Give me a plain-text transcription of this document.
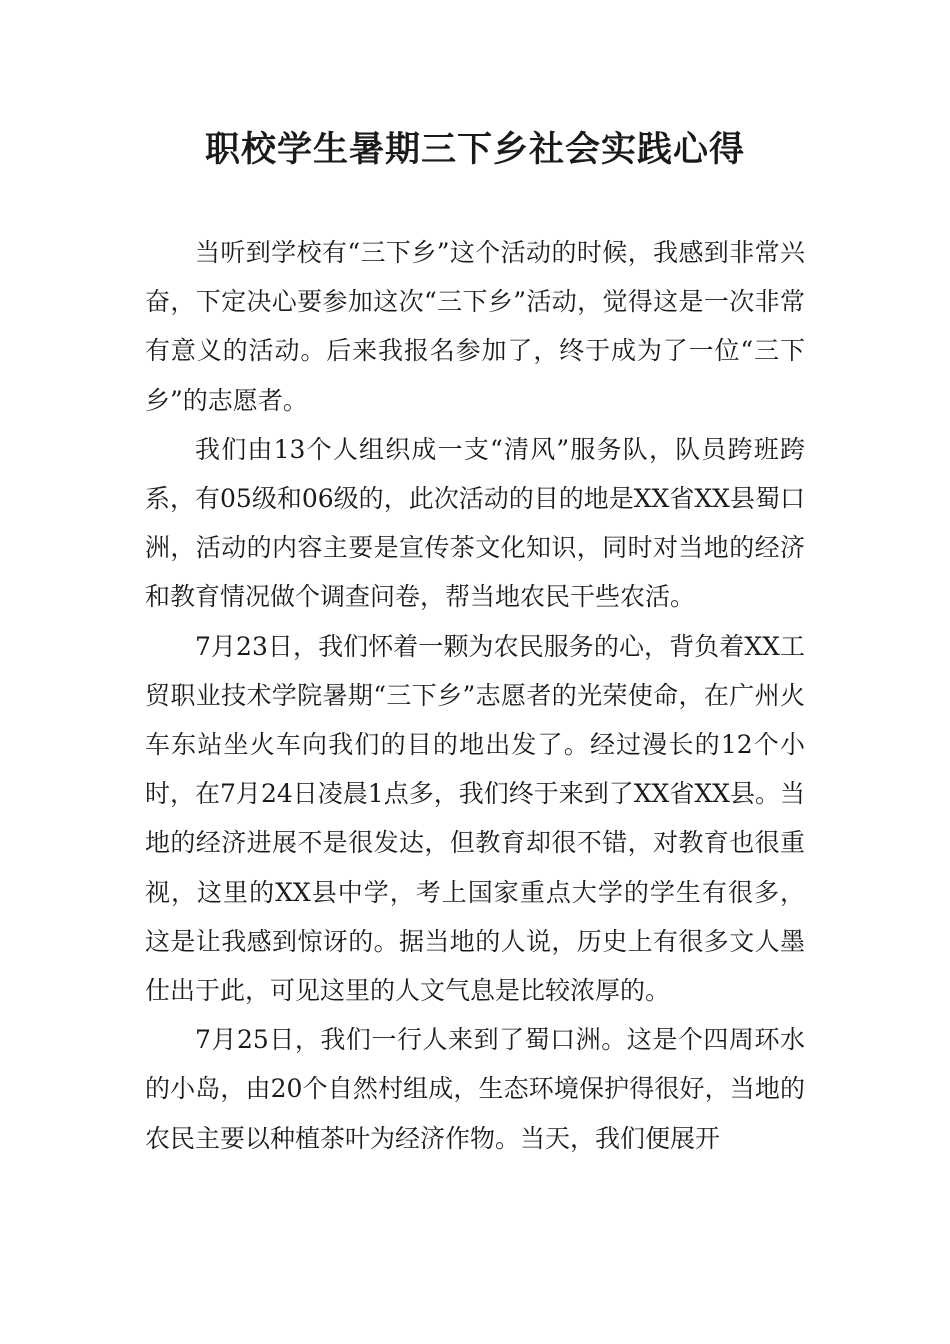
职校学生暑期三下乡社会实践心得

当听到学校有“三下乡”这个活动的时候，我感到非常兴奋，下定决心要参加这次“三下乡”活动，觉得这是一次非常有意义的活动。后来我报名参加了，终于成为了一位“三下乡”的志愿者。

我们由13个人组织成一支“清风”服务队，队员跨班跨系，有05级和06级的，此次活动的目的地是XX省XX县蜀口洲，活动的内容主要是宣传茶文化知识，同时对当地的经济和教育情况做个调查问卷，帮当地农民干些农活。

7月23日，我们怀着一颗为农民服务的心，背负着XX工贸职业技术学院暑期“三下乡”志愿者的光荣使命，在广州火车东站坐火车向我们的目的地出发了。经过漫长的12个小时，在7月24日凌晨1点多，我们终于来到了XX省XX县。当地的经济进展不是很发达，但教育却很不错，对教育也很重视，这里的XX县中学，考上国家重点大学的学生有很多，这是让我感到惊讶的。据当地的人说，历史上有很多文人墨仕出于此，可见这里的人文气息是比较浓厚的。

7月25日，我们一行人来到了蜀口洲。这是个四周环水的小岛，由20个自然村组成，生态环境保护得很好，当地的农民主要以种植茶叶为经济作物。当天，我们便展开
